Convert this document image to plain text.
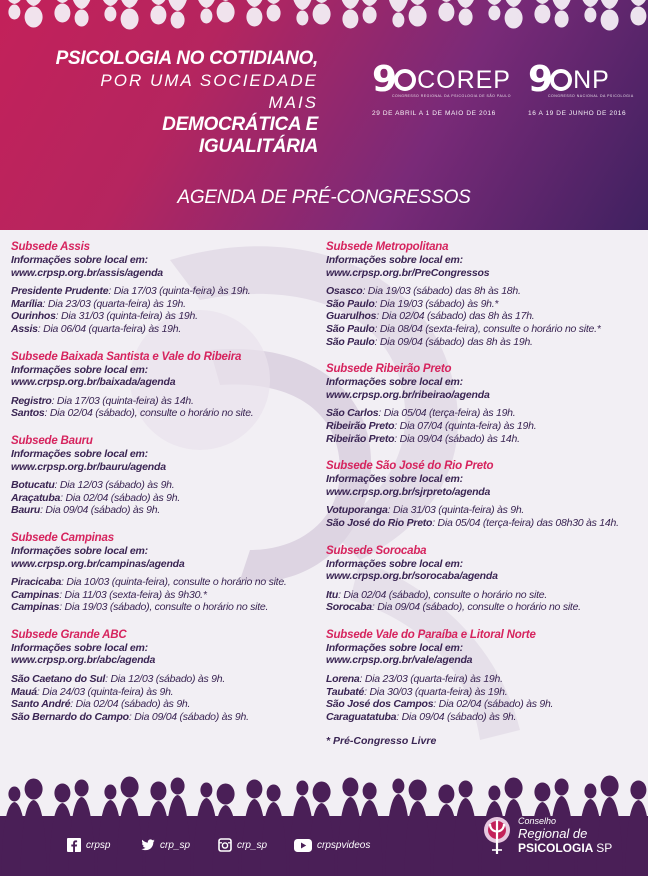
PSICOLOGIA NO COTIDIANO,
POR UMA SOCIEDADE MAIS
DEMOCRÁTICA E IGUALITÁRIA
9 COREP
CONGRESSO REGIONAL DA PSICOLOGIA DE SÃO PAULO
29 DE ABRIL A 1 DE MAIO DE 2016
9 NP
CONGRESSO NACIONAL DA PSICOLOGIA
16 A 19 DE JUNHO DE 2016
AGENDA DE PRÉ-CONGRESSOS
Subsede Assis
Informações sobre local em:
www.crpsp.org.br/assis/agenda
Presidente Prudente: Dia 17/03 (quinta-feira) às 19h.
Marília: Dia 23/03 (quarta-feira) às 19h.
Ourinhos: Dia 31/03 (quinta-feira) às 19h.
Assis: Dia 06/04 (quarta-feira) às 19h.
Subsede Baixada Santista e Vale do Ribeira
Informações sobre local em:
www.crpsp.org.br/baixada/agenda
Registro: Dia 17/03 (quinta-feira) às 14h.
Santos: Dia 02/04 (sábado), consulte o horário no site.
Subsede Bauru
Informações sobre local em:
www.crpsp.org.br/bauru/agenda
Botucatu: Dia 12/03 (sábado) às 9h.
Araçatuba: Dia 02/04 (sábado) às 9h.
Bauru: Dia 09/04 (sábado) às 9h.
Subsede Campinas
Informações sobre local em:
www.crpsp.org.br/campinas/agenda
Piracicaba: Dia 10/03 (quinta-feira), consulte o horário no site.
Campinas: Dia 11/03 (sexta-feira) às 9h30.*
Campinas: Dia 19/03 (sábado), consulte o horário no site.
Subsede Grande ABC
Informações sobre local em:
www.crpsp.org.br/abc/agenda
São Caetano do Sul: Dia 12/03 (sábado) às 9h.
Mauá: Dia 24/03 (quinta-feira) às 9h.
Santo André: Dia 02/04 (sábado) às 9h.
São Bernardo do Campo: Dia 09/04 (sábado) às 9h.
Subsede Metropolitana
Informações sobre local em:
www.crpsp.org.br/PreCongressos
Osasco: Dia 19/03 (sábado) das 8h às 18h.
São Paulo: Dia 19/03 (sábado) às 9h.*
Guarulhos: Dia 02/04 (sábado) das 8h às 17h.
São Paulo: Dia 08/04 (sexta-feira), consulte o horário no site.*
São Paulo: Dia 09/04 (sábado) das 8h às 19h.
Subsede Ribeirão Preto
Informações sobre local em:
www.crpsp.org.br/ribeirao/agenda
São Carlos: Dia 05/04 (terça-feira) às 19h.
Ribeirão Preto: Dia 07/04 (quinta-feira) às 19h.
Ribeirão Preto: Dia 09/04 (sábado) às 14h.
Subsede São José do Rio Preto
Informações sobre local em:
www.crpsp.org.br/sjrpreto/agenda
Votuporanga: Dia 31/03 (quinta-feira) às 9h.
São José do Rio Preto: Dia 05/04 (terça-feira) das 08h30 às 14h.
Subsede Sorocaba
Informações sobre local em:
www.crpsp.org.br/sorocaba/agenda
Itu: Dia 02/04 (sábado), consulte o horário no site.
Sorocaba: Dia 09/04 (sábado), consulte o horário no site.
Subsede Vale do Paraíba e Litoral Norte
Informações sobre local em:
www.crpsp.org.br/vale/agenda
Lorena: Dia 23/03 (quarta-feira) às 19h.
Taubaté: Dia 30/03 (quarta-feira) às 19h.
São José dos Campos: Dia 02/04 (sábado) às 9h.
Caraguatatuba: Dia 09/04 (sábado) às 9h.
* Pré-Congresso Livre
crpsp	crp_sp	crp_sp	crpspvideos
Conselho
Regional de
PSICOLOGIA SP
